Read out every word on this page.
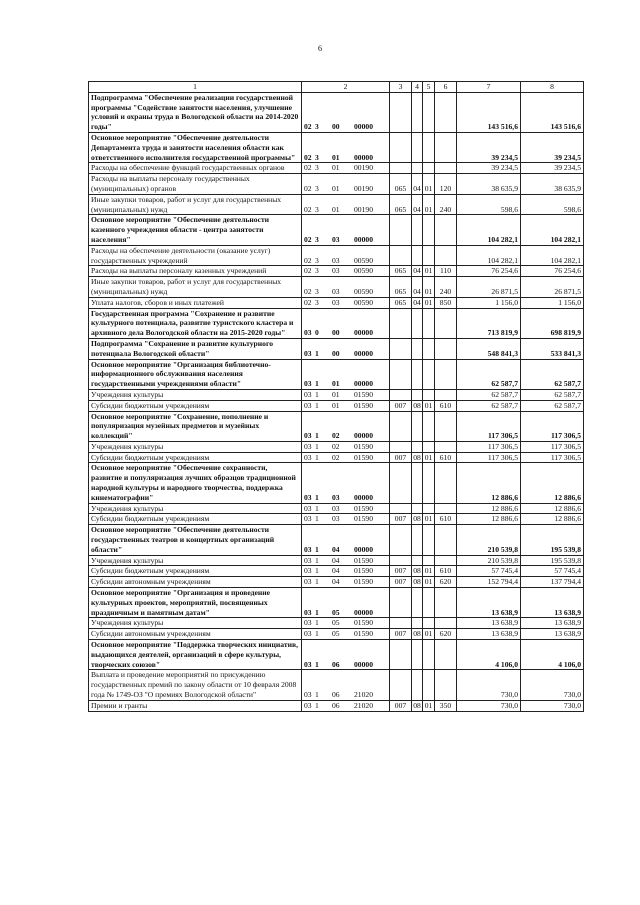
6
1	2	3	4	5	6	7	8
Подпрограмма "Обеспечение реализации государственной программы "Содействие занятости населения, улучшение условий и охраны труда в Вологодской области на 2014-2020 годы"	02 3 00 00000					143 516,6	143 516,6
Основное мероприятие "Обеспечение деятельности Департамента труда и занятости населения области как ответственного исполнителя государственной программы"	02 3 01 00000					39 234,5	39 234,5
Расходы на обеспечение функций государственных органов	02 3 01 00190					39 234,5	39 234,5
Расходы на выплаты персоналу государственных (муниципальных) органов	02 3 01 00190	065	04	01	120	38 635,9	38 635,9
Иные закупки товаров, работ и услуг для государственных (муниципальных) нужд	02 3 01 00190	065	04	01	240	598,6	598,6
Основное мероприятие "Обеспечение деятельности казенного учреждения области - центра занятости населения"	02 3 03 00000					104 282,1	104 282,1
Расходы на обеспечение деятельности (оказание услуг) государственных учреждений	02 3 03 00590					104 282,1	104 282,1
Расходы на выплаты персоналу казенных учреждений	02 3 03 00590	065	04	01	110	76 254,6	76 254,6
Иные закупки товаров, работ и услуг для государственных (муниципальных) нужд	02 3 03 00590	065	04	01	240	26 871,5	26 871,5
Уплата налогов, сборов и иных платежей	02 3 03 00590	065	04	01	850	1 156,0	1 156,0
Государственная программа "Сохранение и развитие культурного потенциала, развитие туристского кластера и архивного дела Вологодской области на 2015-2020 годы"	03 0 00 00000					713 819,9	698 819,9
Подпрограмма "Сохранение и развитие культурного потенциала Вологодской области"	03 1 00 00000					548 841,3	533 841,3
Основное мероприятие "Организация библиотечно-информационного обслуживания населения государственными учреждениями области"	03 1 01 00000					62 587,7	62 587,7
Учреждения культуры	03 1 01 01590					62 587,7	62 587,7
Субсидии бюджетным учреждениям	03 1 01 01590	007	08	01	610	62 587,7	62 587,7
Основное мероприятие "Сохранение, пополнение и популяризация музейных предметов и музейных коллекций"	03 1 02 00000					117 306,5	117 306,5
Учреждения культуры	03 1 02 01590					117 306,5	117 306,5
Субсидии бюджетным учреждениям	03 1 02 01590	007	08	01	610	117 306,5	117 306,5
Основное мероприятие "Обеспечение сохранности, развитие и популяризация лучших образцов традиционной народной культуры и народного творчества, поддержка кинематографии"	03 1 03 00000					12 886,6	12 886,6
Учреждения культуры	03 1 03 01590					12 886,6	12 886,6
Субсидии бюджетным учреждениям	03 1 03 01590	007	08	01	610	12 886,6	12 886,6
Основное мероприятие "Обеспечение деятельности государственных театров и концертных организаций области"	03 1 04 00000					210 539,8	195 539,8
Учреждения культуры	03 1 04 01590					210 539,8	195 539,8
Субсидии бюджетным учреждениям	03 1 04 01590	007	08	01	610	57 745,4	57 745,4
Субсидии автономным учреждениям	03 1 04 01590	007	08	01	620	152 794,4	137 794,4
Основное мероприятие "Организация и проведение культурных проектов, мероприятий, посвященных праздничным и памятным датам"	03 1 05 00000					13 638,9	13 638,9
Учреждения культуры	03 1 05 01590					13 638,9	13 638,9
Субсидии автономным учреждениям	03 1 05 01590	007	08	01	620	13 638,9	13 638,9
Основное мероприятие "Поддержка творческих инициатив, выдающихся деятелей, организаций в сфере культуры, творческих союзов"	03 1 06 00000					4 106,0	4 106,0
Выплата и проведение мероприятий по присуждению государственных премий по закону области от 10 февраля 2008 года № 1749-ОЗ "О премиях Вологодской области"	03 1 06 21020					730,0	730,0
Премии и гранты	03 1 06 21020	007	08	01	350	730,0	730,0
